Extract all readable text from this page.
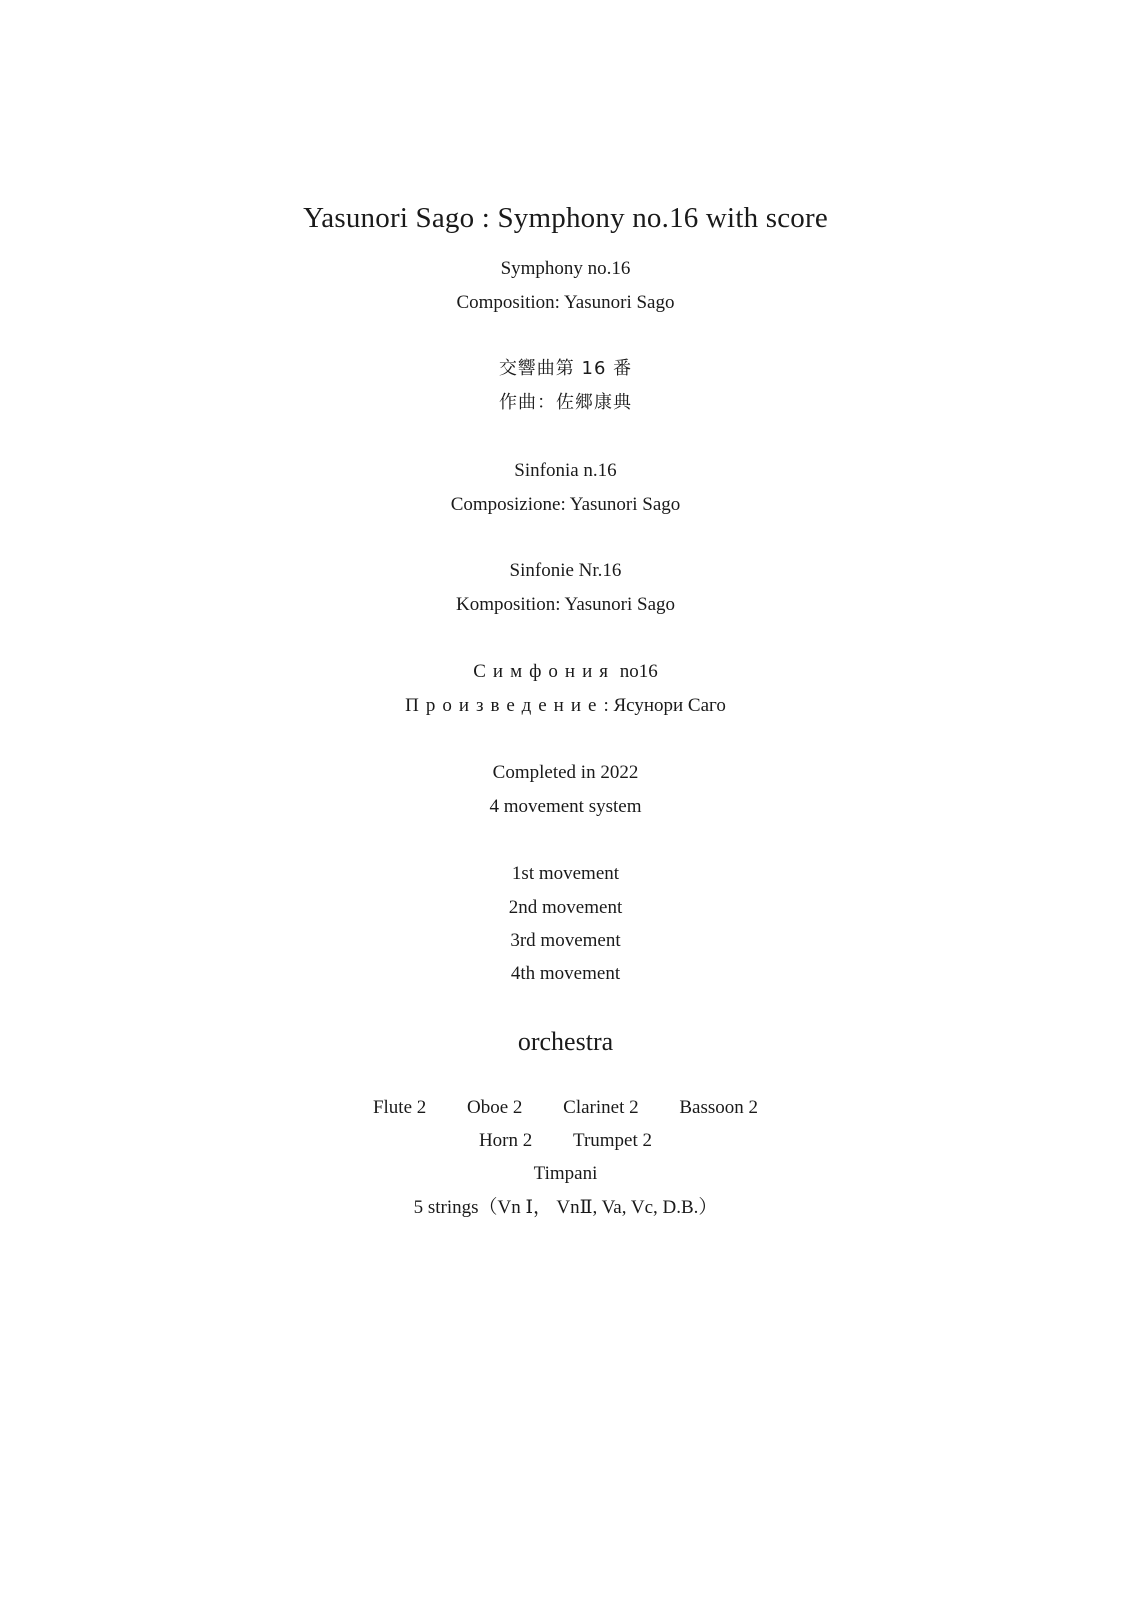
Yasunori Sago : Symphony no.16 with score
Symphony no.16
Composition: Yasunori Sago
交響曲第 16 番
作曲：佐郷康典
Sinfonia n.16
Composizione: Yasunori Sago
Sinfonie Nr.16
Komposition: Yasunori Sago
Симфония no16
Произведение: Ясунори Саго
Completed in 2022
4 movement system
1st movement
2nd movement
3rd movement
4th movement
orchestra
Flute 2 Oboe 2 Clarinet 2 Bassoon 2
Horn 2 Trumpet 2
Timpani
5 strings（Vn Ⅰ， VnⅡ, Va, Vc, D.B.）
